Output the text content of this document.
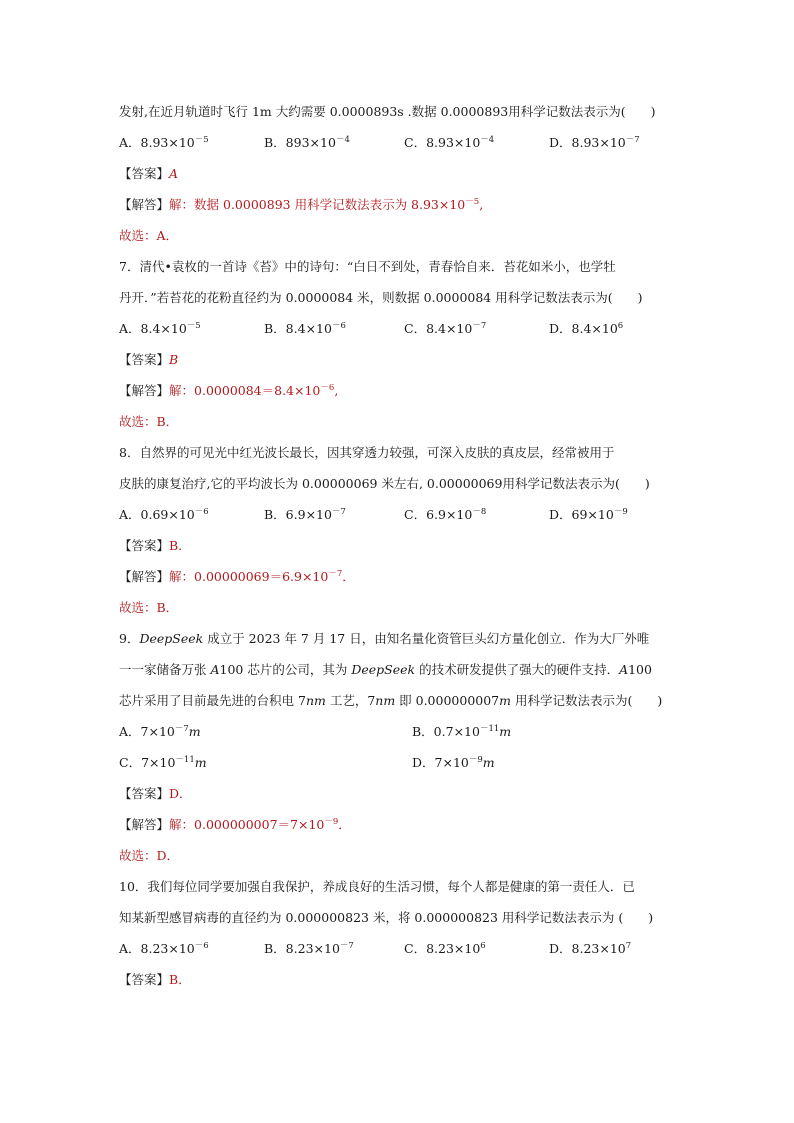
发射,在近月轨道时飞行 1m 大约需要 0.0000893s .数据 0.0000893用科学记数法表示为(　　)
A．$8.93\times 10^{-5}$	B．$893\times 10^{-4}$	C．$8.93\times 10^{-4}$	D．$8.93\times 10^{-7}$
【答案】A
【解答】解：数据 0.0000893 用科学记数法表示为 $8.93\times 10^{-5}$,
故选：A．
7．清代•袁枚的一首诗《苔》中的诗句：“白日不到处，青春恰自来．苔花如米小，也学牡
丹开．”若苔花的花粉直径约为 0.0000084 米，则数据 0.0000084 用科学记数法表示为(　　)
A．$8.4\times 10^{-5}$	B．$8.4\times 10^{-6}$	C．$8.4\times 10^{-7}$	D．$8.4\times 10^6$
【答案】B
【解答】解：$0.0000084=8.4\times 10^{-6}$,
故选：B．
8．自然界的可见光中红光波长最长，因其穿透力较强，可深入皮肤的真皮层，经常被用于
皮肤的康复治疗,它的平均波长为 0.00000069 米左右, 0.00000069用科学记数法表示为(　　)
A．$0.69\times 10^{-6}$	B．$6.9\times 10^{-7}$	C．$6.9\times 10^{-8}$	D．$69\times 10^{-9}$
【答案】B．
【解答】解：$0.00000069=6.9\times 10^{-7}$．
故选：B．
9．DeepSeek 成立于 2023 年 7 月 17 日，由知名量化资管巨头幻方量化创立．作为大厂外唯
一一家储备万张 A100 芯片的公司，其为 DeepSeek 的技术研发提供了强大的硬件支持．A100
芯片采用了目前最先进的台积电 7nm 工艺，7nm 即 0.000000007m 用科学记数法表示为(　　)
A．$7\times 10^{-7}m$	B．$0.7\times 10^{-11}m$
C．$7\times 10^{-11}m$	D．$7\times 10^{-9}m$
【答案】D．
【解答】解：$0.000000007=7\times 10^{-9}$．
故选：D．
10．我们每位同学要加强自我保护，养成良好的生活习惯，每个人都是健康的第一责任人．已
知某新型感冒病毒的直径约为 0.000000823 米，将 0.000000823 用科学记数法表示为 (　　)
A．$8.23\times 10^{-6}$	B．$8.23\times 10^{-7}$	C．$8.23\times 10^6$	D．$8.23\times 10^7$
【答案】B．
